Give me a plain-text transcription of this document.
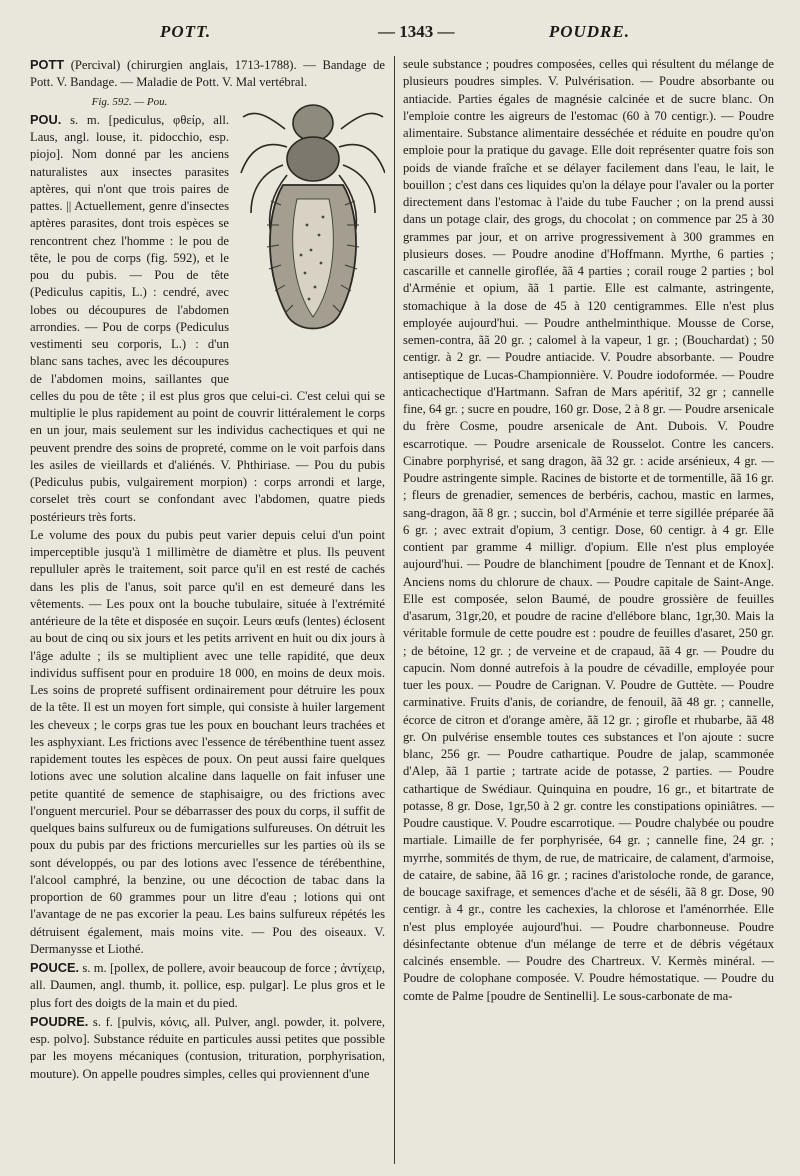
POTT.	— 1343 —	POUDRE.

POTT (Percival) (chirurgien anglais, 1713-1788). — Bandage de Pott. V. Bandage. — Maladie de Pott. V. Mal vertébral.

Fig. 592. — Pou.
POU. s. m. [pediculus, φθείρ, all. Laus, angl. louse, it. pidocchio, esp. piojo]. Nom donné par les anciens naturalistes aux insectes parasites aptères, qui n'ont que trois paires de pattes. || Actuellement, genre d'insectes aptères parasites, dont trois espèces se rencontrent chez l'homme : le pou de tête, le pou de corps (fig. 592), et le pou du pubis. — Pou de tête (Pediculus capitis, L.) : cendré, avec lobes ou découpures de l'abdomen arrondies. — Pou de corps (Pediculus vestimenti seu corporis, L.) : d'un blanc sans taches, avec les découpures de l'abdomen moins, saillantes que celles du pou de tête ; il est plus gros que celui-ci. C'est celui qui se multiplie le plus rapidement au point de couvrir littéralement le corps en un jour, mais seulement sur les individus cachectiques et qui ne peuvent prendre des soins de propreté, comme on le voit parfois dans les asiles de vieillards et d'aliénés. V. Phthiriase. — Pou du pubis (Pediculus pubis, vulgairement morpion) : corps arrondi et large, corselet très court se confondant avec l'abdomen, quatre pieds postérieurs très forts.

Le volume des poux du pubis peut varier depuis celui d'un point imperceptible jusqu'à 1 millimètre de diamètre et plus. Ils peuvent repulluler après le traitement, soit parce qu'il en est resté de cachés dans les plis de l'anus, soit parce qu'il en est demeuré dans les vêtements. — Les poux ont la bouche tubulaire, située à l'extrémité antérieure de la tête et disposée en suçoir. Leurs œufs (lentes) éclosent au bout de cinq ou six jours et les petits arrivent en huit ou dix jours à l'âge adulte ; ils se multiplient avec une telle rapidité, que deux individus suffisent pour en produire 18 000, en moins de deux mois. Les soins de propreté suffisent ordinairement pour détruire les poux de la tête. Il est un moyen fort simple, qui consiste à huiler largement les cheveux ; le corps gras tue les poux en bouchant leurs trachées et les asphyxiant. Les frictions avec l'essence de térébenthine tuent assez rapidement toutes les espèces de poux. On peut aussi faire quelques lotions avec une solution alcaline dans laquelle on fait infuser une petite quantité de semence de staphisaigre, ou des frictions avec l'onguent mercuriel. Pour se débarrasser des poux du corps, il suffit de quelques bains sulfureux ou de fumigations sulfureuses. On détruit les poux du pubis par des frictions mercurielles sur les parties où ils se sont développés, ou par des lotions avec l'essence de térébenthine, l'alcool camphré, la benzine, ou une décoction de tabac dans la proportion de 60 grammes pour un litre d'eau ; lotions qui ont l'avantage de ne pas excorier la peau. Les bains sulfureux répétés les détruisent également, mais moins vite. — Pou des oiseaux. V. Dermanysse et Liothé.

POUCE. s. m. [pollex, de pollere, avoir beaucoup de force ; ἀντίχειρ, all. Daumen, angl. thumb, it. pollice, esp. pulgar]. Le plus gros et le plus fort des doigts de la main et du pied.

POUDRE. s. f. [pulvis, κόνις, all. Pulver, angl. powder, it. polvere, esp. polvo]. Substance réduite en particules aussi petites que possible par les moyens mécaniques (contusion, trituration, porphyrisation, mouture). On appelle poudres simples, celles qui proviennent d'une

seule substance ; poudres composées, celles qui résultent du mélange de plusieurs poudres simples. V. Pulvérisation. — Poudre absorbante ou antiacide. Parties égales de magnésie calcinée et de sucre blanc. On l'emploie contre les aigreurs de l'estomac (60 à 70 centigr.). — Poudre alimentaire. Substance alimentaire desséchée et réduite en poudre qu'on emploie pour la pratique du gavage. Elle doit représenter quatre fois son poids de viande fraîche et se délayer facilement dans l'eau, le lait, le bouillon ; c'est dans ces liquides qu'on la délaye pour l'avaler ou la porter directement dans l'estomac à l'aide du tube Faucher ; on la prend aussi dans un potage clair, des grogs, du chocolat ; on commence par 25 à 30 grammes par jour, et on arrive progressivement à 300 grammes en plusieurs doses. — Poudre anodine d'Hoffmann. Myrthe, 6 parties ; cascarille et cannelle giroflée, ãã 4 parties ; corail rouge 2 parties ; bol d'Arménie et opium, ãã 1 partie. Elle est calmante, astringente, stomachique à la dose de 45 à 120 centigrammes. Elle n'est plus employée aujourd'hui. — Poudre anthelminthique. Mousse de Corse, semen-contra, ãã 20 gr. ; calomel à la vapeur, 1 gr. ; (Bouchardat) ; 50 centigr. à 2 gr. — Poudre antiacide. V. Poudre absorbante. — Poudre antiseptique de Lucas-Championnière. V. Poudre iodoformée. — Poudre anticachectique d'Hartmann. Safran de Mars apéritif, 32 gr ; cannelle fine, 64 gr. ; sucre en poudre, 160 gr. Dose, 2 à 8 gr. — Poudre arsenicale du frère Cosme, poudre arsenicale de Ant. Dubois. V. Poudre escarrotique. — Poudre arsenicale de Rousselot. Contre les cancers. Cinabre porphyrisé, et sang dragon, ãã 32 gr. : acide arsénieux, 4 gr. — Poudre astringente simple. Racines de bistorte et de tormentille, ãã 16 gr. ; fleurs de grenadier, semences de berbéris, cachou, mastic en larmes, sang-dragon, ãã 8 gr. ; succin, bol d'Arménie et terre sigillée préparée ãã 6 gr. ; avec extrait d'opium, 3 centigr. Dose, 60 centigr. à 4 gr. Elle contient par gramme 4 milligr. d'opium. Elle n'est plus employée aujourd'hui. — Poudre de blanchiment [poudre de Tennant et de Knox]. Anciens noms du chlorure de chaux. — Poudre capitale de Saint-Ange. Elle est composée, selon Baumé, de poudre grossière de feuilles d'asarum, 31gr,20, et poudre de racine d'ellébore blanc, 1gr,30. Mais la véritable formule de cette poudre est : poudre de feuilles d'asaret, 250 gr. ; de bétoine, 12 gr. ; de verveine et de crapaud, ãã 4 gr. — Poudre du capucin. Nom donné autrefois à la poudre de cévadille, employée pour tuer les poux. — Poudre de Carignan. V. Poudre de Guttète. — Poudre carminative. Fruits d'anis, de coriandre, de fenouil, ãã 48 gr. ; cannelle, écorce de citron et d'orange amère, ãã 12 gr. ; girofle et rhubarbe, ãã 48 gr. On pulvérise ensemble toutes ces substances et l'on ajoute : sucre blanc, 256 gr. — Poudre cathartique. Poudre de jalap, scammonée d'Alep, ãã 1 partie ; tartrate acide de potasse, 2 parties. — Poudre cathartique de Swédiaur. Quinquina en poudre, 16 gr., et bitartrate de potasse, 8 gr. Dose, 1gr,50 à 2 gr. contre les constipations opiniâtres. — Poudre caustique. V. Poudre escarrotique. — Poudre chalybée ou poudre martiale. Limaille de fer porphyrisée, 64 gr. ; cannelle fine, 24 gr. ; myrrhe, sommités de thym, de rue, de matricaire, de calament, d'armoise, de cataire, de sabine, ãã 16 gr. ; racines d'aristoloche ronde, de garance, de boucage saxifrage, et semences d'ache et de séséli, ãã 8 gr. Dose, 90 centigr. à 4 gr., contre les cachexies, la chlorose et l'aménorrhée. Elle n'est plus employée aujourd'hui. — Poudre charbonneuse. Poudre désinfectante obtenue d'un mélange de terre et de débris végétaux calcinés ensemble. — Poudre des Chartreux. V. Kermès minéral. — Poudre de colophane composée. V. Poudre hémostatique. — Poudre du comte de Palme [poudre de Sentinelli]. Le sous-carbonate de ma-
